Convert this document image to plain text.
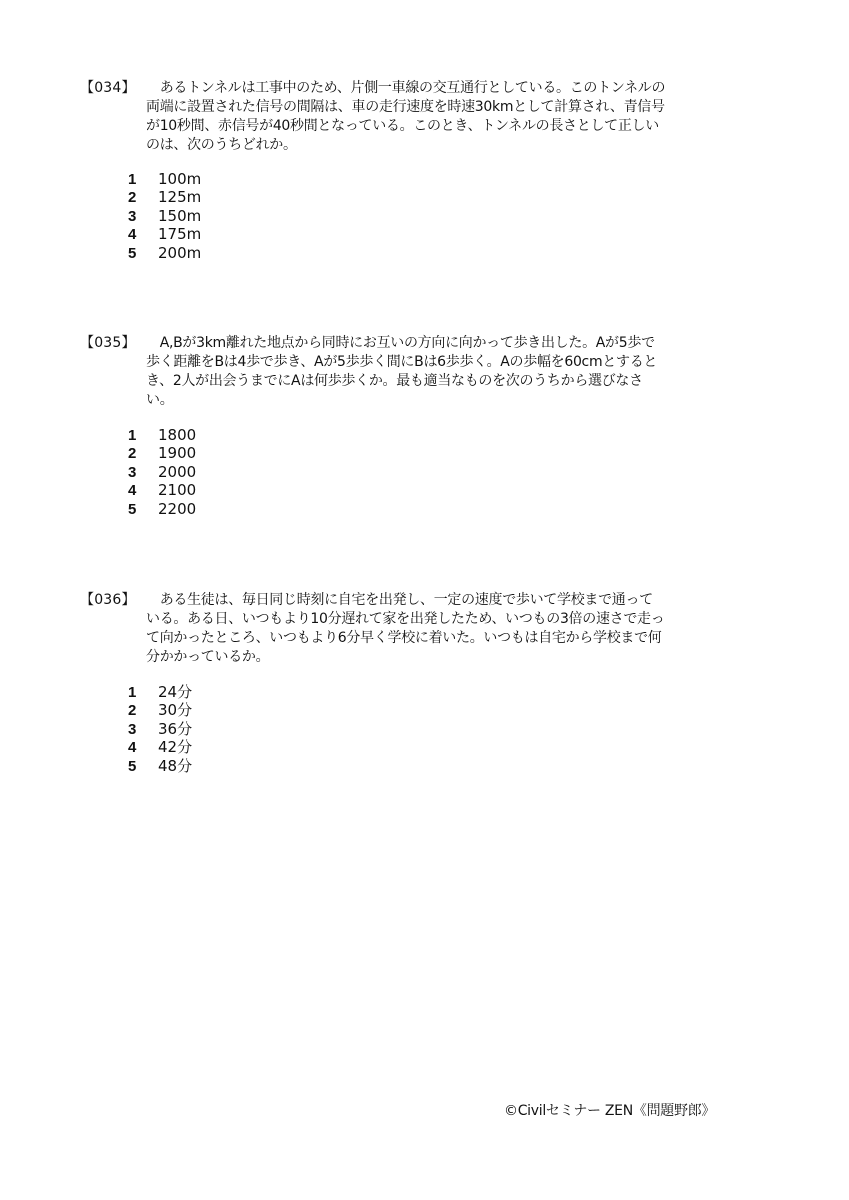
【034】 　あるトンネルは工事中のため、片側一車線の交互通行としている。このトンネルの両端に設置された信号の間隔は、車の走行速度を時速30kmとして計算され、青信号が10秒間、赤信号が40秒間となっている。このとき、トンネルの長さとして正しいのは、次のうちどれか。
1	100m
2	125m
3	150m
4	175m
5	200m
【035】 　A,Bが3km離れた地点から同時にお互いの方向に向かって歩き出した。Aが5歩で歩く距離をBは4歩で歩き、Aが5歩歩く間にBは6歩歩く。Aの歩幅を60cmとするとき、2人が出会うまでにAは何歩歩くか。最も適当なものを次のうちから選びなさい。
1	1800
2	1900
3	2000
4	2100
5	2200
【036】 　ある生徒は、毎日同じ時刻に自宅を出発し、一定の速度で歩いて学校まで通っている。ある日、いつもより10分遅れて家を出発したため、いつもの3倍の速さで走って向かったところ、いつもより6分早く学校に着いた。いつもは自宅から学校まで何分かかっているか。
1	24分
2	30分
3	36分
4	42分
5	48分
©Civilセミナー ZEN《問題野郎》
